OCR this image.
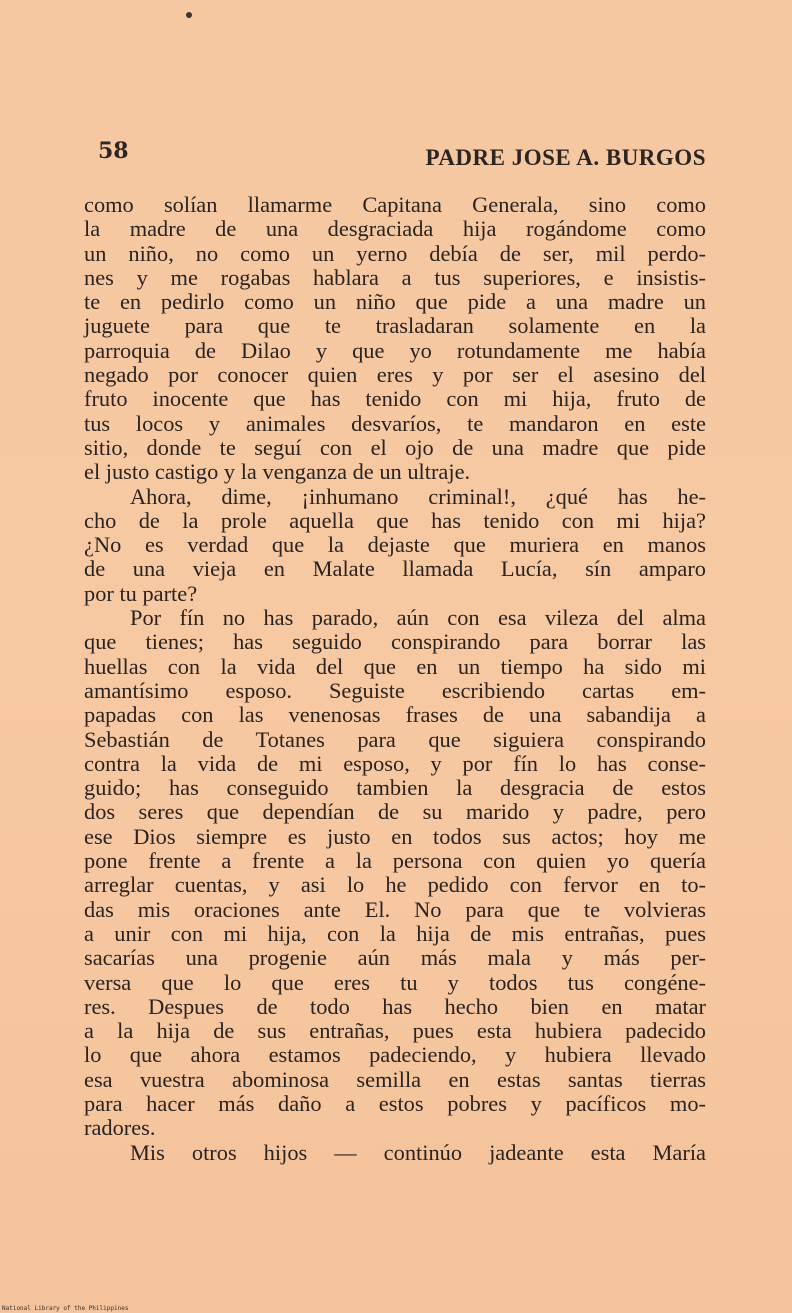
58	PADRE JOSE A. BURGOS
como solían llamarme Capitana Generala, sino como
la madre de una desgraciada hija rogándome como
un niño, no como un yerno debía de ser, mil perdo-
nes y me rogabas hablara a tus superiores, e insistis-
te en pedirlo como un niño que pide a una madre un
juguete para que te trasladaran solamente en la
parroquia de Dilao y que yo rotundamente me había
negado por conocer quien eres y por ser el asesino del
fruto inocente que has tenido con mi hija, fruto de
tus locos y animales desvaríos, te mandaron en este
sitio, donde te seguí con el ojo de una madre que pide
el justo castigo y la venganza de un ultraje.
Ahora, dime, ¡inhumano criminal!, ¿qué has he-
cho de la prole aquella que has tenido con mi hija?
¿No es verdad que la dejaste que muriera en manos
de una vieja en Malate llamada Lucía, sín amparo
por tu parte?
Por fín no has parado, aún con esa vileza del alma
que tienes; has seguido conspirando para borrar las
huellas con la vida del que en un tiempo ha sido mi
amantísimo esposo. Seguiste escribiendo cartas em-
papadas con las venenosas frases de una sabandija a
Sebastián de Totanes para que siguiera conspirando
contra la vida de mi esposo, y por fín lo has conse-
guido; has conseguido tambien la desgracia de estos
dos seres que dependían de su marido y padre, pero
ese Dios siempre es justo en todos sus actos; hoy me
pone frente a frente a la persona con quien yo quería
arreglar cuentas, y asi lo he pedido con fervor en to-
das mis oraciones ante El. No para que te volvieras
a unir con mi hija, con la hija de mis entrañas, pues
sacarías una progenie aún más mala y más per-
versa que lo que eres tu y todos tus congéne-
res. Despues de todo has hecho bien en matar
a la hija de sus entrañas, pues esta hubiera padecido
lo que ahora estamos padeciendo, y hubiera llevado
esa vuestra abominosa semilla en estas santas tierras
para hacer más daño a estos pobres y pacíficos mo-
radores.
Mis otros hijos — continúo jadeante esta María
National Library of the Philippines
